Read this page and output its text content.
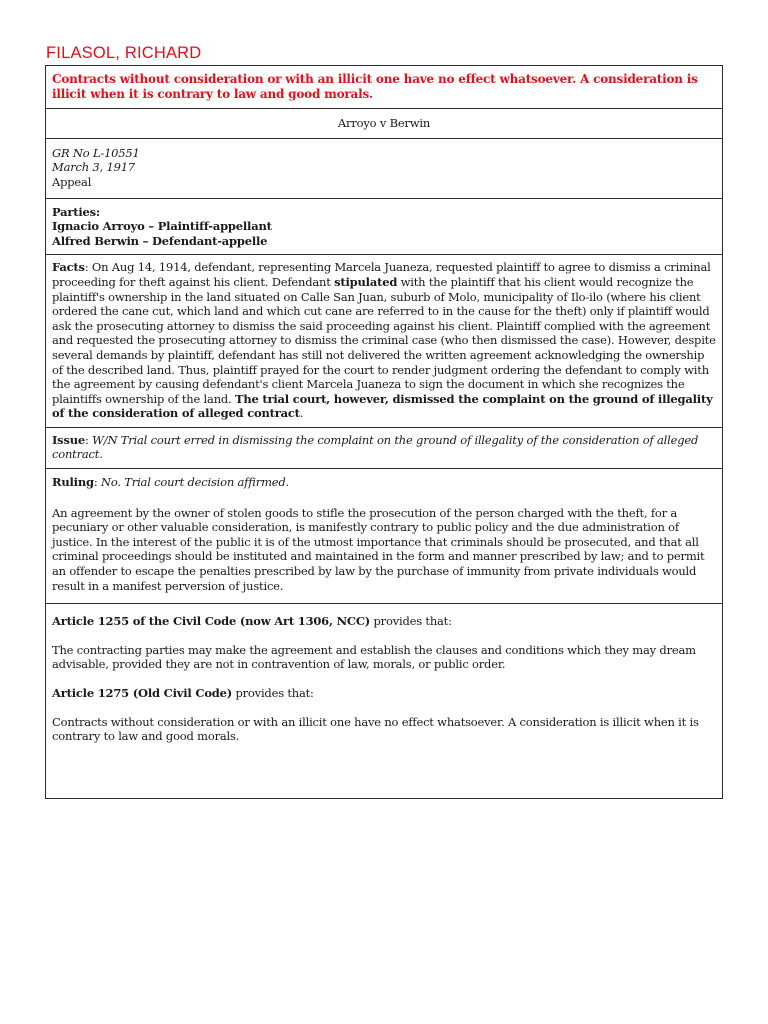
FILASOL, RICHARD
Contracts without consideration or with an illicit one have no effect whatsoever. A consideration is illicit when it is contrary to law and good morals.
Arroyo v Berwin

GR No L-10551
March 3, 1917
Appeal

Parties:
Ignacio Arroyo – Plaintiff-appellant
Alfred Berwin – Defendant-appelle

Facts: On Aug 14, 1914, defendant, representing Marcela Juaneza, requested plaintiff to agree to dismiss a criminal proceeding for theft against his client. Defendant stipulated with the plaintiff that his client would recognize the plaintiff's ownership in the land situated on Calle San Juan, suburb of Molo, municipality of Ilo-ilo (where his client ordered the cane cut, which land and which cut cane are referred to in the cause for the theft) only if plaintiff would ask the prosecuting attorney to dismiss the said proceeding against his client. Plaintiff complied with the agreement and requested the prosecuting attorney to dismiss the criminal case (who then dismissed the case). However, despite several demands by plaintiff, defendant has still not delivered the written agreement acknowledging the ownership of the described land. Thus, plaintiff prayed for the court to render judgment ordering the defendant to comply with the agreement by causing defendant's client Marcela Juaneza to sign the document in which she recognizes the plaintiffs ownership of the land. The trial court, however, dismissed the complaint on the ground of illegality of the consideration of alleged contract.
Issue: W/N Trial court erred in dismissing the complaint on the ground of illegality of the consideration of alleged contract.

Ruling: No. Trial court decision affirmed.

An agreement by the owner of stolen goods to stifle the prosecution of the person charged with the theft, for a pecuniary or other valuable consideration, is manifestly contrary to public policy and the due administration of justice. In the interest of the public it is of the utmost importance that criminals should be prosecuted, and that all criminal proceedings should be instituted and maintained in the form and manner prescribed by law; and to permit an offender to escape the penalties prescribed by law by the purchase of immunity from private individuals would result in a manifest perversion of justice.

Article 1255 of the Civil Code (now Art 1306, NCC) provides that:

The contracting parties may make the agreement and establish the clauses and conditions which they may dream advisable, provided they are not in contravention of law, morals, or public order.

Article 1275 (Old Civil Code) provides that:

Contracts without consideration or with an illicit one have no effect whatsoever. A consideration is illicit when it is contrary to law and good morals.
